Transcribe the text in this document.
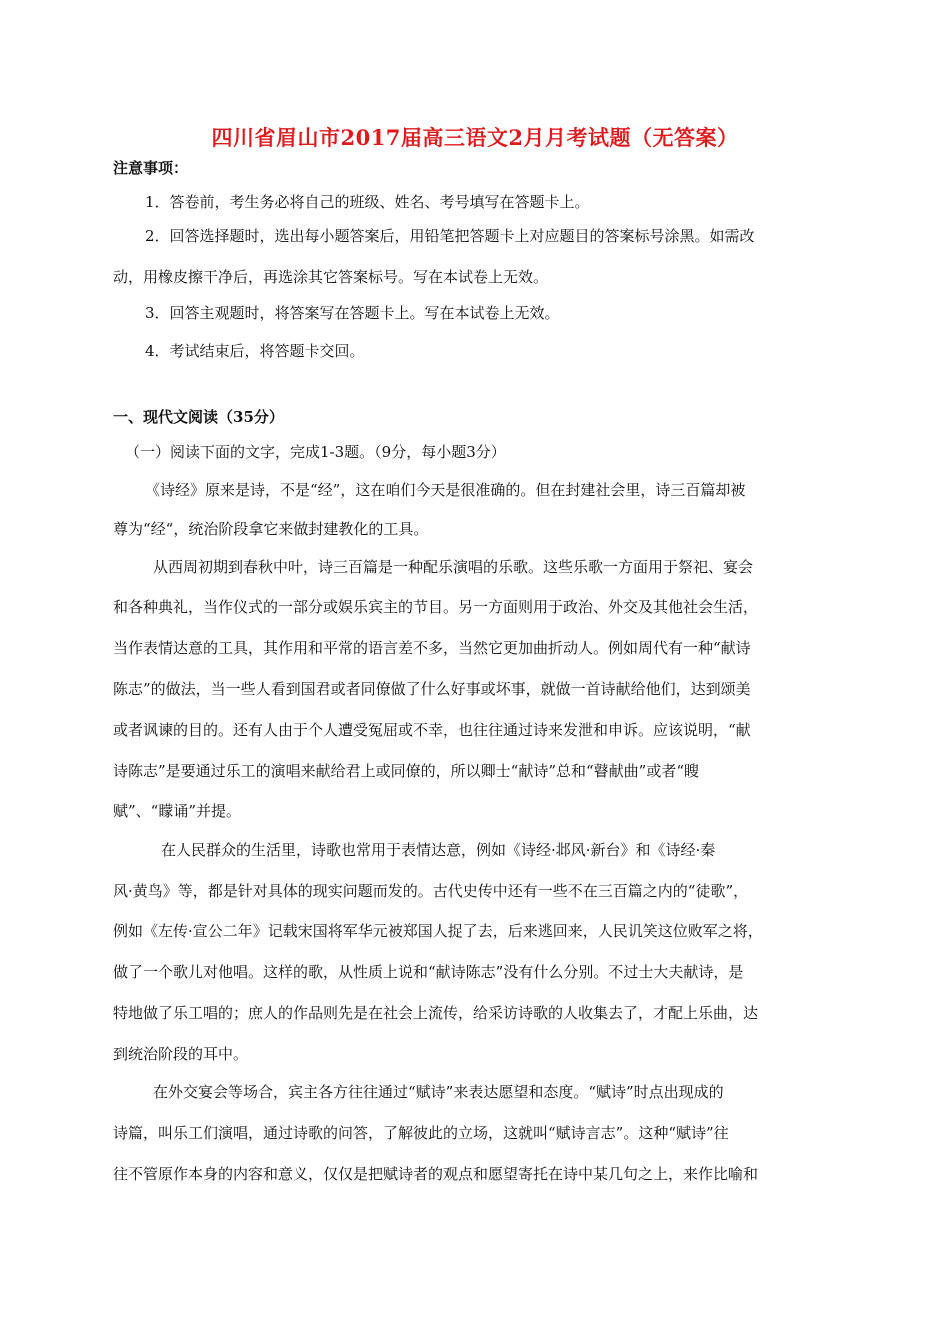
四川省眉山市2017届高三语文2月月考试题（无答案）
注意事项：
1．答卷前，考生务必将自己的班级、姓名、考号填写在答题卡上。
2．回答选择题时，选出每小题答案后，用铅笔把答题卡上对应题目的答案标号涂黑。如需改
动，用橡皮擦干净后，再选涂其它答案标号。写在本试卷上无效。
3．回答主观题时，将答案写在答题卡上。写在本试卷上无效。
4．考试结束后，将答题卡交回。
一、现代文阅读（35分）
（一）阅读下面的文字，完成1-3题。（9分，每小题3分）
《诗经》原来是诗，不是“经”，这在咱们今天是很准确的。但在封建社会里，诗三百篇却被
尊为“经“，统治阶段拿它来做封建教化的工具。
从西周初期到春秋中叶，诗三百篇是一种配乐演唱的乐歌。这些乐歌一方面用于祭祀、宴会
和各种典礼，当作仪式的一部分或娱乐宾主的节目。另一方面则用于政治、外交及其他社会生活，
当作表情达意的工具，其作用和平常的语言差不多，当然它更加曲折动人。例如周代有一种“献诗
陈志”的做法，当一些人看到国君或者同僚做了什么好事或坏事，就做一首诗献给他们，达到颂美
或者讽谏的目的。还有人由于个人遭受冤屈或不幸，也往往通过诗来发泄和申诉。应该说明，“献
诗陈志”是要通过乐工的演唱来献给君上或同僚的，所以卿士“献诗”总和“瞽献曲”或者“瞍
赋”、“矇诵”并提。
在人民群众的生活里，诗歌也常用于表情达意，例如《诗经·邶风·新台》和《诗经·秦
风·黄鸟》等，都是针对具体的现实问题而发的。古代史传中还有一些不在三百篇之内的“徒歌”，
例如《左传·宣公二年》记载宋国将军华元被郑国人捉了去，后来逃回来，人民讥笑这位败军之将，
做了一个歌儿对他唱。这样的歌，从性质上说和“献诗陈志”没有什么分别。不过士大夫献诗，是
特地做了乐工唱的；庶人的作品则先是在社会上流传，给采访诗歌的人收集去了，才配上乐曲，达
到统治阶段的耳中。
在外交宴会等场合，宾主各方往往通过“赋诗”来表达愿望和态度。“赋诗”时点出现成的
诗篇，叫乐工们演唱，通过诗歌的问答，了解彼此的立场，这就叫“赋诗言志”。这种“赋诗”往
往不管原作本身的内容和意义，仅仅是把赋诗者的观点和愿望寄托在诗中某几句之上，来作比喻和
